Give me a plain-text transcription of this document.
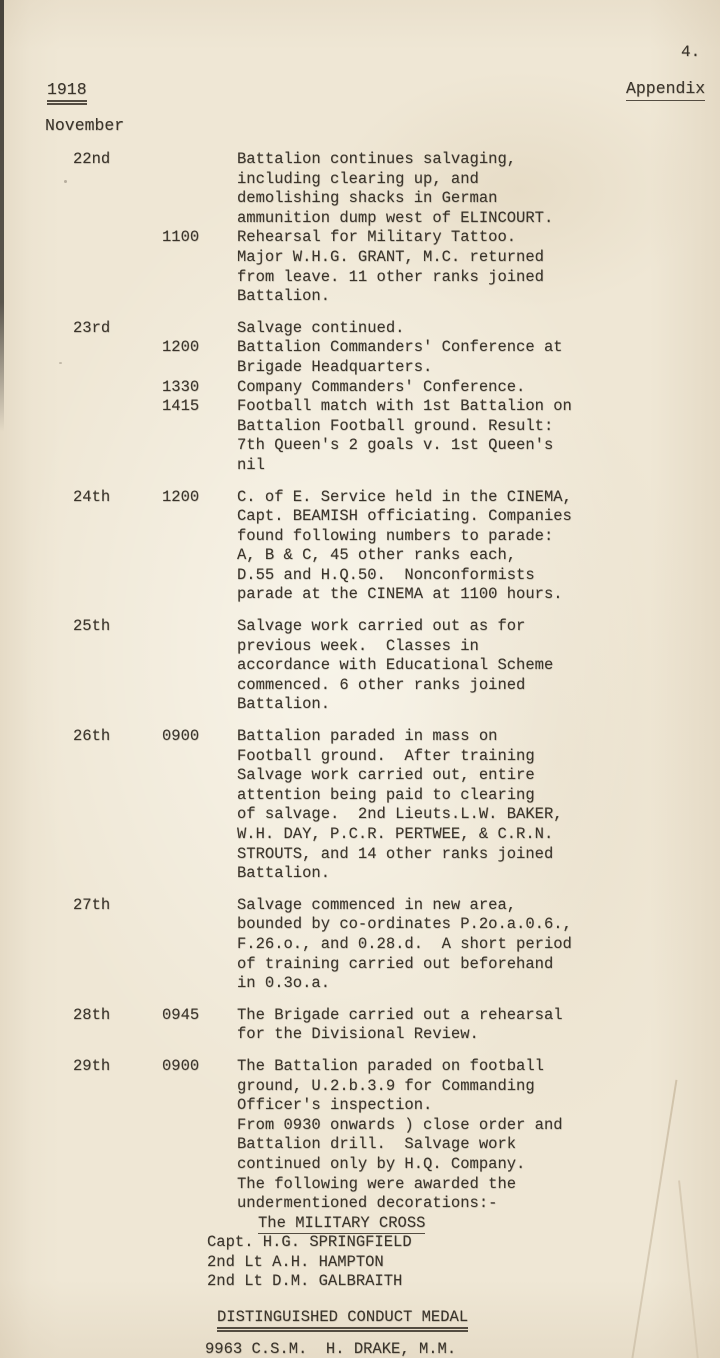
4.
1918	Appendix
November
22nd	Battalion continues salvaging,
including clearing up, and
demolishing shacks in German
ammunition dump west of ELINCOURT.
1100	Rehearsal for Military Tattoo.
Major W.H.G. GRANT, M.C. returned
from leave. 11 other ranks joined
Battalion.
23rd	Salvage continued.
1200	Battalion Commanders' Conference at
Brigade Headquarters.
1330	Company Commanders' Conference.
1415	Football match with 1st Battalion on
Battalion Football ground. Result:
7th Queen's 2 goals v. 1st Queen's
nil
24th	1200	C. of E. Service held in the CINEMA,
Capt. BEAMISH officiating. Companies
found following numbers to parade:
A, B & C, 45 other ranks each,
D.55 and H.Q.50.  Nonconformists
parade at the CINEMA at 1100 hours.
25th	Salvage work carried out as for
previous week.  Classes in
accordance with Educational Scheme
commenced. 6 other ranks joined
Battalion.
26th	0900	Battalion paraded in mass on
Football ground.  After training
Salvage work carried out, entire
attention being paid to clearing
of salvage.  2nd Lieuts.L.W. BAKER,
W.H. DAY, P.C.R. PERTWEE, & C.R.N.
STROUTS, and 14 other ranks joined
Battalion.
27th	Salvage commenced in new area,
bounded by co-ordinates P.2o.a.0.6.,
F.26.o., and 0.28.d.  A short period
of training carried out beforehand
in 0.3o.a.
28th	0945	The Brigade carried out a rehearsal
for the Divisional Review.
29th	0900	The Battalion paraded on football
ground, U.2.b.3.9 for Commanding
Officer's inspection.
From 0930 onwards ) close order and
Battalion drill.  Salvage work
continued only by H.Q. Company.
The following were awarded the
undermentioned decorations:-
The MILITARY CROSS
Capt. H.G. SPRINGFIELD
2nd Lt A.H. HAMPTON
2nd Lt D.M. GALBRAITH
DISTINGUISHED CONDUCT MEDAL
9963 C.S.M.  H. DRAKE, M.M.
